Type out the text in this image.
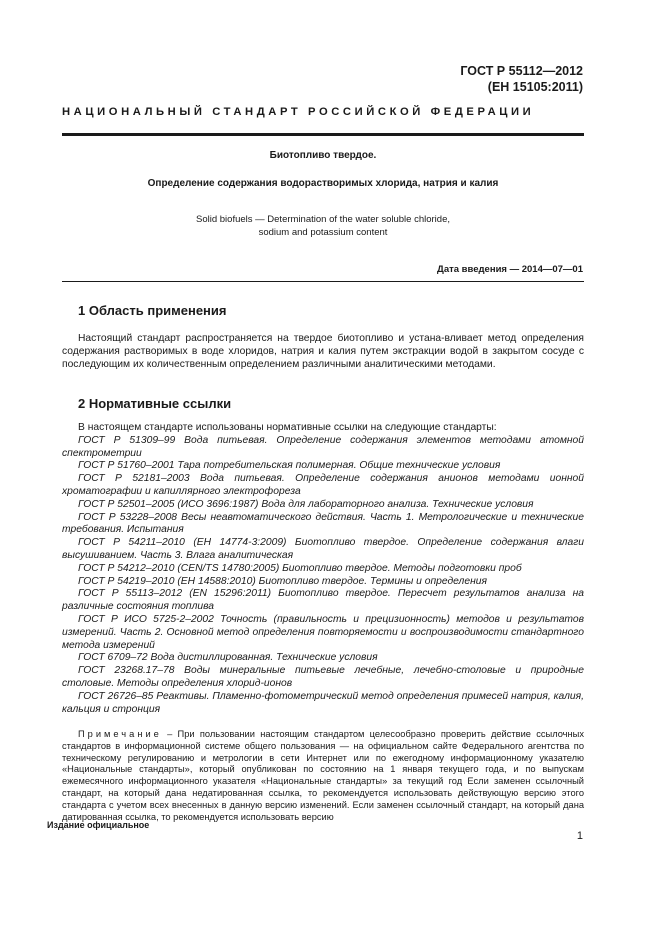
ГОСТ Р 55112—2012
(ЕН 15105:2011)
НАЦИОНАЛЬНЫЙ СТАНДАРТ РОССИЙСКОЙ ФЕДЕРАЦИИ
Биотопливо твердое.
Определение содержания водорастворимых хлорида, натрия и калия
Solid biofuels — Determination of the water soluble chloride,
sodium and potassium content
Дата введения — 2014—07—01
1 Область применения

Настоящий стандарт распространяется на твердое биотопливо и устана-вливает метод определения содержания растворимых в воде хлоридов, натрия и калия путем экстракции водой в закрытом сосуде с последующим их количественным определением различными аналитическими методами.

2 Нормативные ссылки

В настоящем стандарте использованы нормативные ссылки на следующие стандарты:

ГОСТ Р 51309–99 Вода питьевая. Определение содержания элементов методами атомной спектрометрии

ГОСТ Р 51760–2001 Тара потребительская полимерная. Общие технические условия

ГОСТ Р 52181–2003 Вода питьевая. Определение содержания анионов методами ионной хроматографии и капиллярного электрофореза

ГОСТ Р 52501–2005 (ИСО 3696:1987) Вода для лабораторного анализа. Технические условия

ГОСТ Р 53228–2008 Весы неавтоматического действия. Часть 1. Метрологические и технические требования. Испытания

ГОСТ Р 54211–2010 (ЕН 14774-3:2009) Биотопливо твердое. Определение содержания влаги высушиванием. Часть 3. Влага аналитическая

ГОСТ Р 54212–2010 (CEN/TS 14780:2005) Биотопливо твердое. Методы подготовки проб

ГОСТ Р 54219–2010 (ЕН 14588:2010) Биотопливо твердое. Термины и определения

ГОСТ Р 55113–2012 (EN 15296:2011) Биотопливо твердое. Пересчет результатов анализа на различные состояния топлива

ГОСТ Р ИСО 5725-2–2002 Точность (правильность и прецизионность) методов и результатов измерений. Часть 2. Основной метод определения повторяемости и воспроизводимости стандартного метода измерений

ГОСТ 6709–72 Вода дистиллированная. Технические условия

ГОСТ 23268.17–78 Воды минеральные питьевые лечебные, лечебно-столовые и природные столовые. Методы определения хлорид-ионов

ГОСТ 26726–85 Реактивы. Пламенно-фотометрический метод определения примесей натрия, калия, кальция и стронция

Примечание – При пользовании настоящим стандартом целесообразно проверить действие ссылочных стандартов в информационной системе общего пользования — на официальном сайте Федерального агентства по техническому регулированию и метрологии в сети Интернет или по ежегодному информационному указателю «Национальные стандарты», который опубликован по состоянию на 1 января текущего года, и по выпускам ежемесячного информационного указателя «Национальные стандарты» за текущий год Если заменен ссылочный стандарт, на который дана недатированная ссылка, то рекомендуется использовать действующую версию этого стандарта с учетом всех внесенных в данную версию изменений. Если заменен ссылочный стандарт, на который дана датированная ссылка, то рекомендуется использовать версию

Издание официальное
1
